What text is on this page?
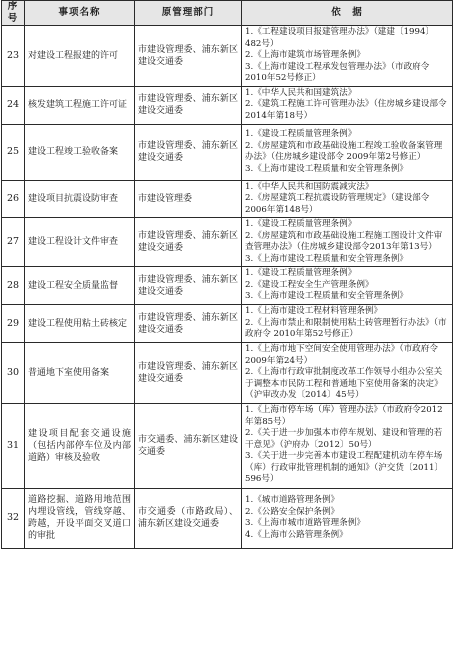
序号	事项名称	原管理部门	依　据
23	对建设工程报建的许可	市建设管理委、浦东新区建设交通委	1.《工程建设项目报建管理办法》（建建〔1994〕482号）
2.《上海市建筑市场管理条例》
3.《上海市建设工程承发包管理办法》（市政府令 2010年52号修正）

24	核发建筑工程施工许可证	市建设管理委、浦东新区建设交通委	1.《中华人民共和国建筑法》
2.《建筑工程施工许可管理办法》（住房城乡建设部令 2014年第18号）

25	建设工程竣工验收备案	市建设管理委、浦东新区建设交通委	1.《建设工程质量管理条例》
2.《房屋建筑和市政基础设施工程竣工验收备案管理办法》（住房城乡建设部令 2009年第2号修正）
3.《上海市建设工程质量和安全管理条例》

26	建设项目抗震设防审查	市建设管理委	1.《中华人民共和国防震减灾法》
2.《房屋建筑工程抗震设防管理规定》（建设部令 2006年第148号）

27	建设工程设计文件审查	市建设管理委、浦东新区建设交通委	1.《建设工程质量管理条例》
2.《房屋建筑和市政基础设施工程施工图设计文件审查管理办法》（住房城乡建设部令2013年第13号）
3.《上海市建设工程质量和安全管理条例》

28	建设工程安全质量监督	市建设管理委、浦东新区建设交通委	1.《建设工程质量管理条例》
2.《建设工程安全生产管理条例》
3.《上海市建设工程质量和安全管理条例》

29	建设工程使用粘土砖核定	市建设管理委、浦东新区建设交通委	1.《上海市建设工程材料管理条例》
2.《上海市禁止和限制使用粘土砖管理暂行办法》（市政府令 2010年第52号修正）

30	普通地下室使用备案	市建设管理委、浦东新区建设交通委	1.《上海市地下空间安全使用管理办法》（市政府令 2009年第24号）
2.《上海市行政审批制度改革工作领导小组办公室关于调整本市民防工程和普通地下室使用备案的决定》（沪审改办发〔2014〕45号）

31	建设项目配套交通设施（包括内部停车位及内部道路）审核及验收	市交通委、浦东新区建设交通委	1.《上海市停车场（库）管理办法》（市政府令2012年第85号）
2.《关于进一步加强本市停车规划、建设和管理的若干意见》（沪府办〔2012〕50号）
3.《关于进一步完善本市建设工程配建机动车停车场（库）行政审批管理机制的通知》（沪交货〔2011〕596号）

32	道路挖掘、道路用地范围内埋设管线，管线穿越、跨越，开设平面交叉道口的审批	市交通委（市路政局）、浦东新区建设交通委	1.《城市道路管理条例》
2.《公路安全保护条例》
3.《上海市城市道路管理条例》
4.《上海市公路管理条例》
